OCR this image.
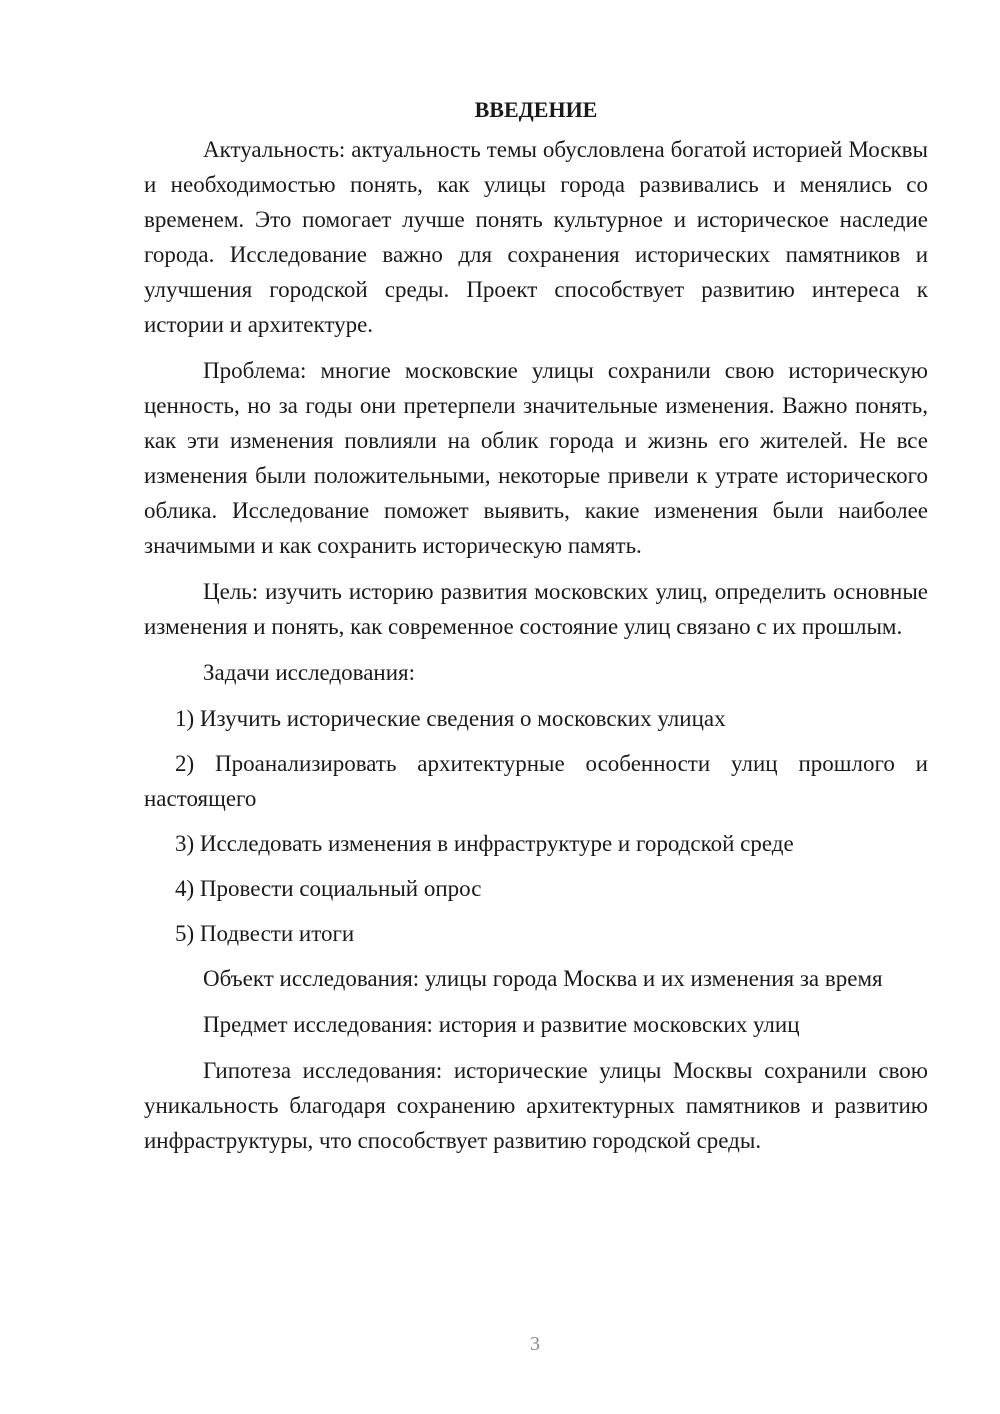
ВВЕДЕНИЕ

Актуальность: актуальность темы обусловлена богатой историей Москвы и необходимостью понять, как улицы города развивались и менялись со временем. Это помогает лучше понять культурное и историческое наследие города. Исследование важно для сохранения исторических памятников и улучшения городской среды. Проект способствует развитию интереса к истории и архитектуре.

Проблема: многие московские улицы сохранили свою историческую ценность, но за годы они претерпели значительные изменения. Важно понять, как эти изменения повлияли на облик города и жизнь его жителей. Не все изменения были положительными, некоторые привели к утрате исторического облика. Исследование поможет выявить, какие изменения были наиболее значимыми и как сохранить историческую память.

Цель: изучить историю развития московских улиц, определить основные изменения и понять, как современное состояние улиц связано с их прошлым.

Задачи исследования:

1) Изучить исторические сведения о московских улицах

2) Проанализировать архитектурные особенности улиц прошлого и настоящего

3) Исследовать изменения в инфраструктуре и городской среде

4) Провести социальный опрос

5) Подвести итоги

Объект исследования: улицы города Москва и их изменения за время

Предмет исследования: история и развитие московских улиц

Гипотеза исследования: исторические улицы Москвы сохранили свою уникальность благодаря сохранению архитектурных памятников и развитию инфраструктуры, что способствует развитию городской среды.

3
